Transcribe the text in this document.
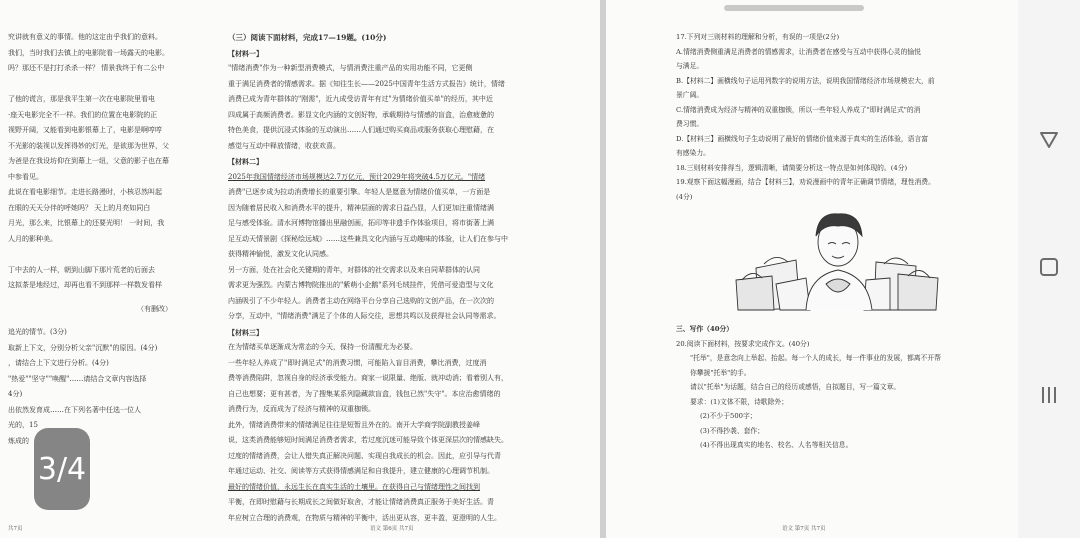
究讲就有意义的事情。他的这定由乎我们的意料。
我们，当时我们去镇上的电影院看一场露天的电影。
吗？那还不是打打杀杀一样？ 情景我终于有二公中

了他的谎言，那是我平生第一次在电影院里看电
·座天电影完全不一样。我们的位置在电影院的正
视野开阔，又能看到电影银幕上了，电影是啊哼哼
不光影的装视以发挥得妙的灯光，是欲那为世界，父
为爸是在我设坊仰在到幕上一纽，父意的影子也在幕
中参看见。
此说在看电影细节。走进长路漫时，小核忍然叫起
在眼的天天分伴的呼她吗？ 天上的月亮如同白
月光，那么来，比银幕上的还要光明！ 一时间，我
人月的影种美。

丁中去的人一样，朝到山脚下那片荒老的后面去
这拟茶是地经过，却再也看不到那样一样数发看样
（有删改）
追光的情节。(3分)
取新上下文，分别分析父亲"沉默"的原因。(4分)
，请结合上下文进行分析。(4分)
"热爱""坚守""唤醒"……请结合文章内容选择
4分)
出依然发育成……在下列名著中任选一位人
光的，15
炼成的
（三）阅读下面材料，完成17—19题。(10分)
【材料一】
"情绪消费"作为一种新型消费模式，与情消费注重产品的实用功能不同，它更侧
重于满足消费者的情感需求。据《知往生长——2025中国青年生活方式报告》统计，情绪
消费已成为青年群体的"刚需"，近九成受访青年有过"为情绪价值买单"的经历，其中近
四成属于高频消费者。影显文化内涵的文创好物，承载期待与情感的盲盒，治愈疲惫的
特色美食，提供沉浸式体验的互动演出……人们通过购买商品或服务获取心理慰藉，在
感觉与互动中释放情绪，收获欢喜。
【材料二】
2025年我国情绪经济市场规模达2.7万亿元，预计2029年将突破4.5万亿元。"情绪
消费"已逐步成为拉动消费增长的重要引擎。年轻人是愿意为情绪价值买单，一方面是
因为随着居民收入和消费水平的提升，精神层面的需求日益凸显，人们更加注重情绪满
足与感受体验。清水河博物馆播出里融创画，拓印等非遗手作体验项目，将市街著上满
足互动天情景剧《探秘绘远城》……这些兼具文化内涵与互动趣味的体验，让人们在参与中
获得精神愉悦，激发文化认同感。
另一方面，处在社会化关键期的青年，对群体的社交需求以及来自同辈群体的认同
需求更为强烈。内蒙古博物院推出的"紫萌小企鹅"系列毛绒挂件，凭借可爱造型与文化
内涵吸引了不少年轻人。消费者主动在网络平台分享自己选购的文创产品，在一次次的
分享，互动中，"情绪消费"满足了个体的人际交往，思想共鸣以及获得社会认同等需求。
【材料三】
在为情绪买单逐渐成为常态的今天，保持一份清醒尤为必要。
一些年轻人养成了"即时满足式"的消费习惯，可能陷入盲目消费，攀比消费，过度消
费等消费陷阱，忽视自身的经济承受能力。商家一说限量、绝版、就冲动消；看着别人有，
自己也想要；更有甚者，为了搜集某系列隐藏款盲盒，钱包已然"失守"。本应治愈情绪的
消费行为，反而成为了经济与精神的双重枷锁。
此外，情绪消费带来的情绪满足往往是短暂且外在的。南开大学商学院副教授姜峰
说，这类消费能够短时间满足消费者需求，若过度沉迷可能导致个体更深层次的情感缺失。
过度的情绪消费，会让人错失真正解决问题、实现自我成长的机会。因此，应引导与代青
年通过运动、社交、阅读等方式获得情感满足和自我提升，建立健康的心理调节机制。
最好的情绪价值，永远生长在真实生活的土壤里。在获得自己与情绪理性之间找到
平衡，在即时慰藉与长期成长之间做好取舍，才能让情绪消费真正服务于美好生活。青
年应树立合理的消费观，在物质与精神的平衡中，活出更从容，更丰盈，更澄明的人生。
共7页	语文 第6页 共7页
3/4
17.下列对三则材料的理解和分析，有误的一项是(2分)
A.情绪消费侧重满足消费者的情感需求，让消费者在感受与互动中获得心灵的愉悦
与满足。
B.【材料二】画横线句子运用列数字的说明方法，说明我国情绪经济市场规模宏大，前
景广阔。
C.情绪消费成为经济与精神的双重枷锁，所以一些年轻人养成了"即时满足式"的消
费习惯。
D.【材料三】画横线句子生动说明了最好的情绪价值来源于真实的生活体验，语言富
有感染力。
18.三则材料安排得当，逻辑清晰，请简要分析这一特点是如何体现的。(4分)
19.观察下面这幅漫画，结合【材料三】，劝说漫画中的青年正确调节情绪，理性消费。
(4分)
三、写作（40分）
20.阅读下面材料，按要求完成作文。(40分)
"托举"，是意念向上举起、抬起。每一个人的成长，每一件事业的发展，都离不开帮
你攀援"托举"的手。
请以"托举"为话题，结合自己的经历或感悟，自拟题目，写一篇文章。
要求：(1)文体不限，诗歌除外；
(2)不少于500字；
(3)不得抄袭、套作；
(4)不得出现真实的地名、校名、人名等相关信息。
语文 第7页 共7页
